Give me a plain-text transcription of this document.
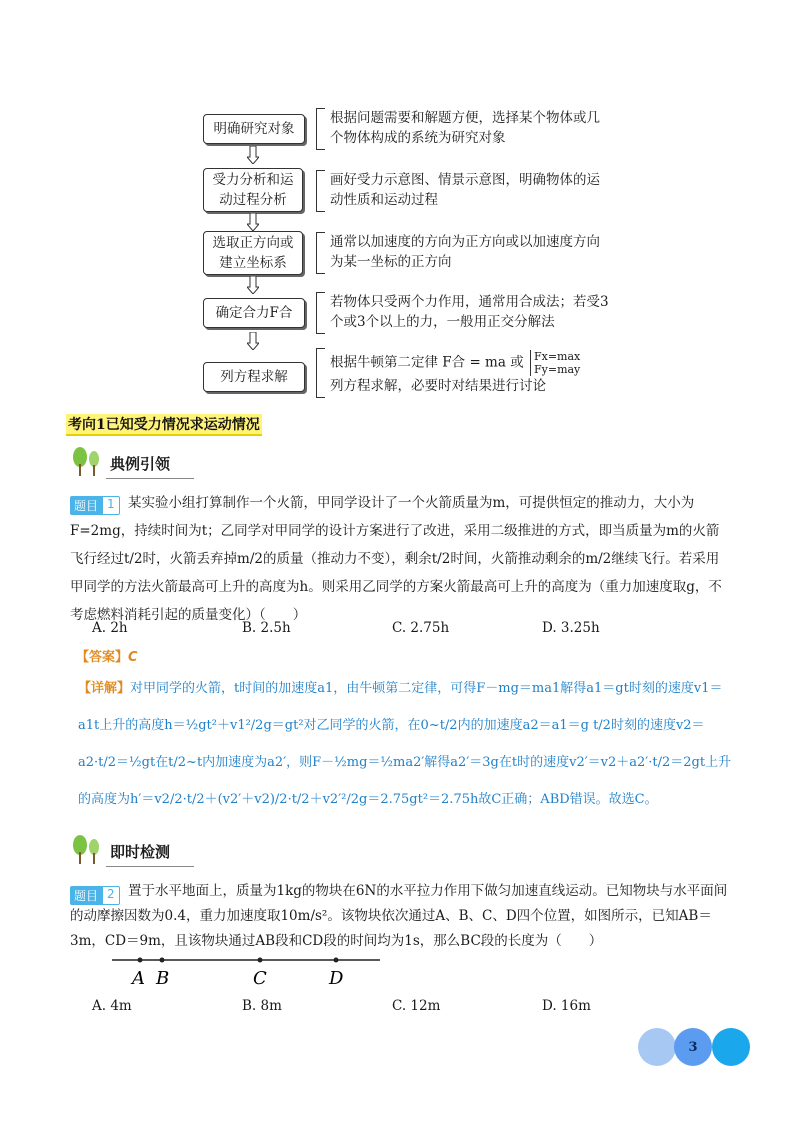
明确研究对象
根据问题需要和解题方便，选择某个物体或几个物体构成的系统为研究对象
受力分析和运动过程分析
画好受力示意图、情景示意图，明确物体的运动性质和运动过程
选取正方向或建立坐标系
通常以加速度的方向为正方向或以加速度方向为某一坐标的正方向
确定合力F合
若物体只受两个力作用，通常用合成法；若受3个或3个以上的力，一般用正交分解法
列方程求解
根据牛顿第二定律 F合 = ma 或 Fx=max
Fy=may

列方程求解，必要时对结果进行讨论
考向1已知受力情况求运动情况
典例引领
题目 1 某实验小组打算制作一个火箭，甲同学设计了一个火箭质量为m，可提供恒定的推动力，大小为F=2mg，持续时间为t；乙同学对甲同学的设计方案进行了改进，采用二级推进的方式，即当质量为m的火箭飞行经过t/2时，火箭丢弃掉m/2的质量（推动力不变），剩余t/2时间，火箭推动剩余的m/2继续飞行。若采用甲同学的方法火箭最高可上升的高度为h。则采用乙同学的方案火箭最高可上升的高度为（重力加速度取g，不考虑燃料消耗引起的质量变化）（　　）
A. 2h	B. 2.5h	C. 2.75h	D. 3.25h
【答案】C
【详解】对甲同学的火箭，t时间的加速度a1，由牛顿第二定律，可得F－mg＝ma1解得a1＝gt时刻的速度v1＝a1t上升的高度h＝½gt²＋v1²/2g＝gt²对乙同学的火箭，在0~t/2内的加速度a2＝a1＝g t/2时刻的速度v2＝a2·t/2＝½gt在t/2~t内加速度为a2′，则F－½mg＝½ma2′解得a2′＝3g在t时的速度v2′＝v2＋a2′·t/2＝2gt上升的高度为h′＝v2/2·t/2＋(v2′＋v2)/2·t/2＋v2′²/2g＝2.75gt²＝2.75h故C正确；ABD错误。故选C。
即时检测
题目 2 置于水平地面上，质量为1kg的物块在6N的水平拉力作用下做匀加速直线运动。已知物块与水平面间的动摩擦因数为0.4，重力加速度取10m/s²。该物块依次通过A、B、C、D四个位置，如图所示，已知AB＝3m，CD＝9m，且该物块通过AB段和CD段的时间均为1s，那么BC段的长度为（　　）
A B	C	D
A. 4m	B. 8m	C. 12m	D. 16m
3
